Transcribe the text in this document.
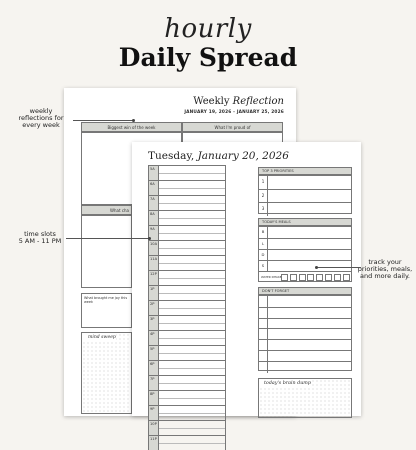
hourly
Daily Spread
Weekly Reflection
JANUARY 19, 2026 - JANUARY 25, 2026
Biggest win of the week	What I'm proud of
What cha
What brought me joy this week
mind sweep
Tuesday, January 20, 2026
5A
6A
7A
8A
9A
10A
11A
12P
1P
2P
3P
4P
5P
6P
7P
8P
9P
10P
11P
TOP 3 PRIORITIES
1
2
3
TODAY'S MEALS
B
L
D
S
WATER INTAKE
DON'T FORGET
today's brain dump
weekly
reflections for
every week
time slots
5 AM - 11 PM
track your
priorities, meals,
and more daily.
